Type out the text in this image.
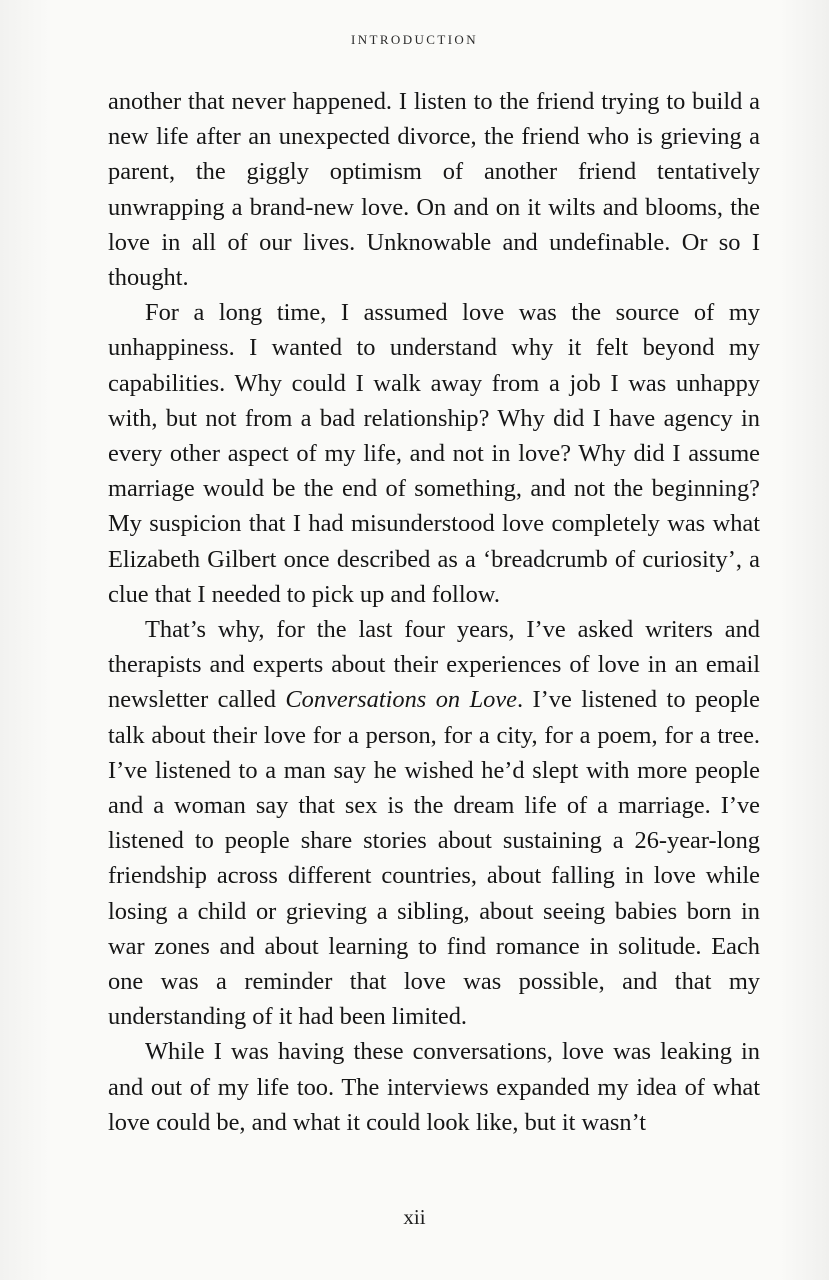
INTRODUCTION

another that never happened. I listen to the friend trying to build a new life after an unexpected divorce, the friend who is grieving a parent, the giggly optimism of another friend tentatively unwrapping a brand-new love. On and on it wilts and blooms, the love in all of our lives. Unknowable and undefinable. Or so I thought.

For a long time, I assumed love was the source of my unhappiness. I wanted to understand why it felt beyond my capabilities. Why could I walk away from a job I was unhappy with, but not from a bad relationship? Why did I have agency in every other aspect of my life, and not in love? Why did I assume marriage would be the end of something, and not the beginning? My suspicion that I had misunderstood love completely was what Elizabeth Gilbert once described as a ‘breadcrumb of curiosity’, a clue that I needed to pick up and follow.

That’s why, for the last four years, I’ve asked writers and therapists and experts about their experiences of love in an email newsletter called Conversations on Love. I’ve listened to people talk about their love for a person, for a city, for a poem, for a tree. I’ve listened to a man say he wished he’d slept with more people and a woman say that sex is the dream life of a marriage. I’ve listened to people share stories about sustaining a 26-year-long friendship across different countries, about falling in love while losing a child or grieving a sibling, about seeing babies born in war zones and about learning to find romance in solitude. Each one was a reminder that love was possible, and that my understanding of it had been limited.

While I was having these conversations, love was leaking in and out of my life too. The interviews expanded my idea of what love could be, and what it could look like, but it wasn’t

xii
